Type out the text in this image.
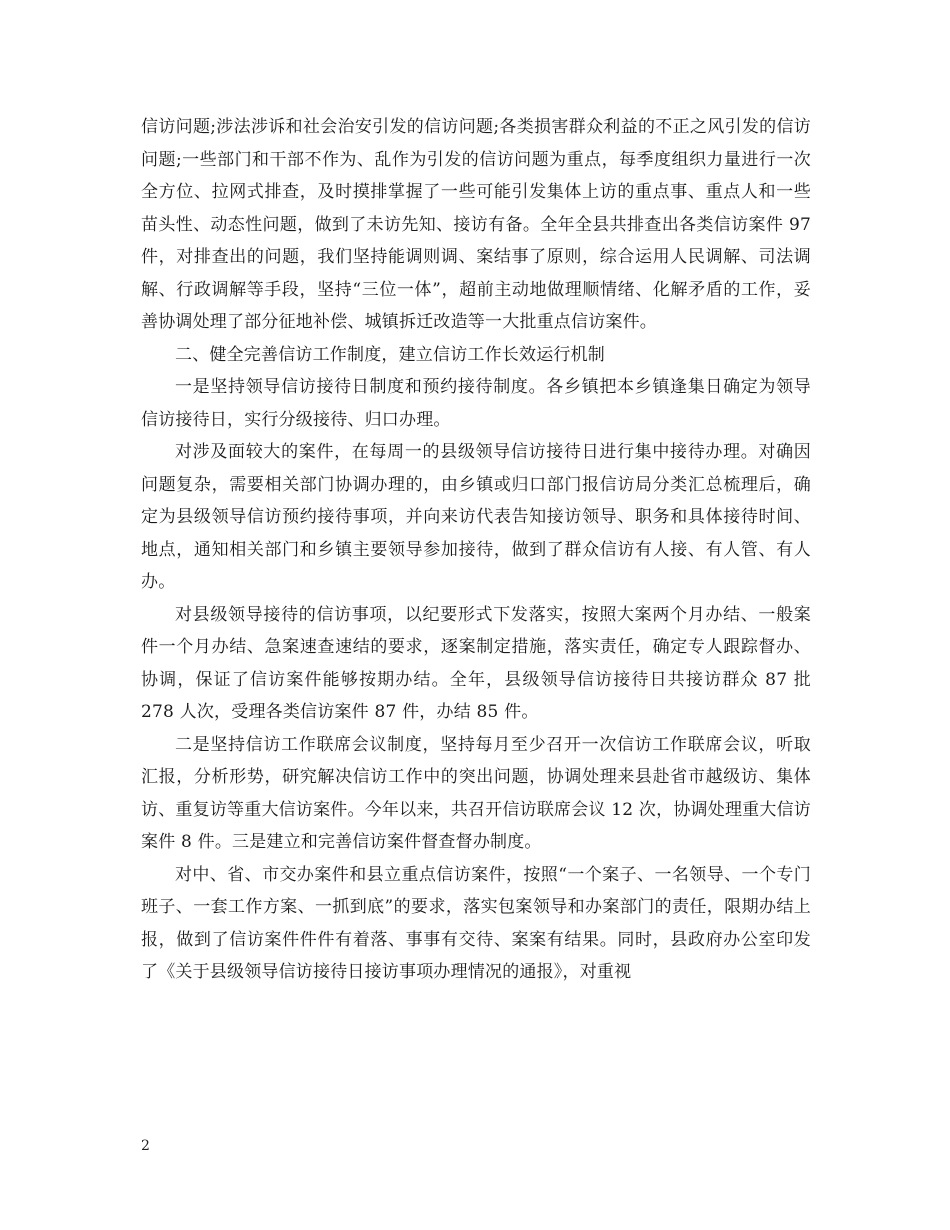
信访问题;涉法涉诉和社会治安引发的信访问题;各类损害群众利益的不正之风引发的信访问题;一些部门和干部不作为、乱作为引发的信访问题为重点，每季度组织力量进行一次全方位、拉网式排查，及时摸排掌握了一些可能引发集体上访的重点事、重点人和一些苗头性、动态性问题，做到了未访先知、接访有备。全年全县共排查出各类信访案件 97 件，对排查出的问题，我们坚持能调则调、案结事了原则，综合运用人民调解、司法调解、行政调解等手段，坚持“三位一体”，超前主动地做理顺情绪、化解矛盾的工作，妥善协调处理了部分征地补偿、城镇拆迁改造等一大批重点信访案件。

二、健全完善信访工作制度，建立信访工作长效运行机制

一是坚持领导信访接待日制度和预约接待制度。各乡镇把本乡镇逢集日确定为领导信访接待日，实行分级接待、归口办理。

对涉及面较大的案件，在每周一的县级领导信访接待日进行集中接待办理。对确因问题复杂，需要相关部门协调办理的，由乡镇或归口部门报信访局分类汇总梳理后，确定为县级领导信访预约接待事项，并向来访代表告知接访领导、职务和具体接待时间、地点，通知相关部门和乡镇主要领导参加接待，做到了群众信访有人接、有人管、有人办。

对县级领导接待的信访事项，以纪要形式下发落实，按照大案两个月办结、一般案件一个月办结、急案速查速结的要求，逐案制定措施，落实责任，确定专人跟踪督办、协调，保证了信访案件能够按期办结。全年，县级领导信访接待日共接访群众 87 批 278 人次，受理各类信访案件 87 件，办结 85 件。

二是坚持信访工作联席会议制度，坚持每月至少召开一次信访工作联席会议，听取汇报，分析形势，研究解决信访工作中的突出问题，协调处理来县赴省市越级访、集体访、重复访等重大信访案件。今年以来，共召开信访联席会议 12 次，协调处理重大信访案件 8 件。三是建立和完善信访案件督查督办制度。

对中、省、市交办案件和县立重点信访案件，按照“一个案子、一名领导、一个专门班子、一套工作方案、一抓到底”的要求，落实包案领导和办案部门的责任，限期办结上报，做到了信访案件件件有着落、事事有交待、案案有结果。同时，县政府办公室印发了《关于县级领导信访接待日接访事项办理情况的通报》，对重视

2
